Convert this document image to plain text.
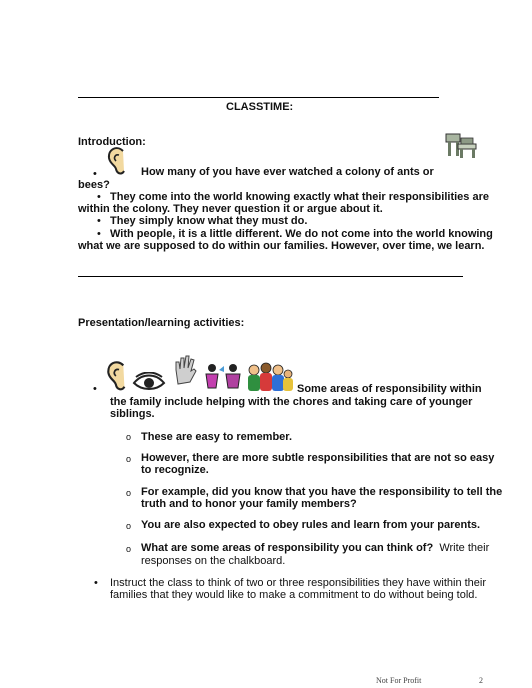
CLASSTIME:
Introduction:
•	How many of you have ever watched a colony of ants or
bees?
• They come into the world knowing exactly what their responsibilities are
within the colony. They never question it or argue about it.
• They simply know what they must do.
• With people, it is a little different. We do not come into the world knowing
what we are supposed to do within our families. However, over time, we learn.
Presentation/learning activities:
•	Some areas of responsibility within
the family include helping with the chores and taking care of younger
siblings.
o These are easy to remember.
o However, there are more subtle responsibilities that are not so easy
to recognize.
o For example, did you know that you have the responsibility to tell the
truth and to honor your family members?
o You are also expected to obey rules and learn from your parents.
o What are some areas of responsibility you can think of? Write their
responses on the chalkboard.
• Instruct the class to think of two or three responsibilities they have within their
families that they would like to make a commitment to do without being told.
Not For Profit	2
